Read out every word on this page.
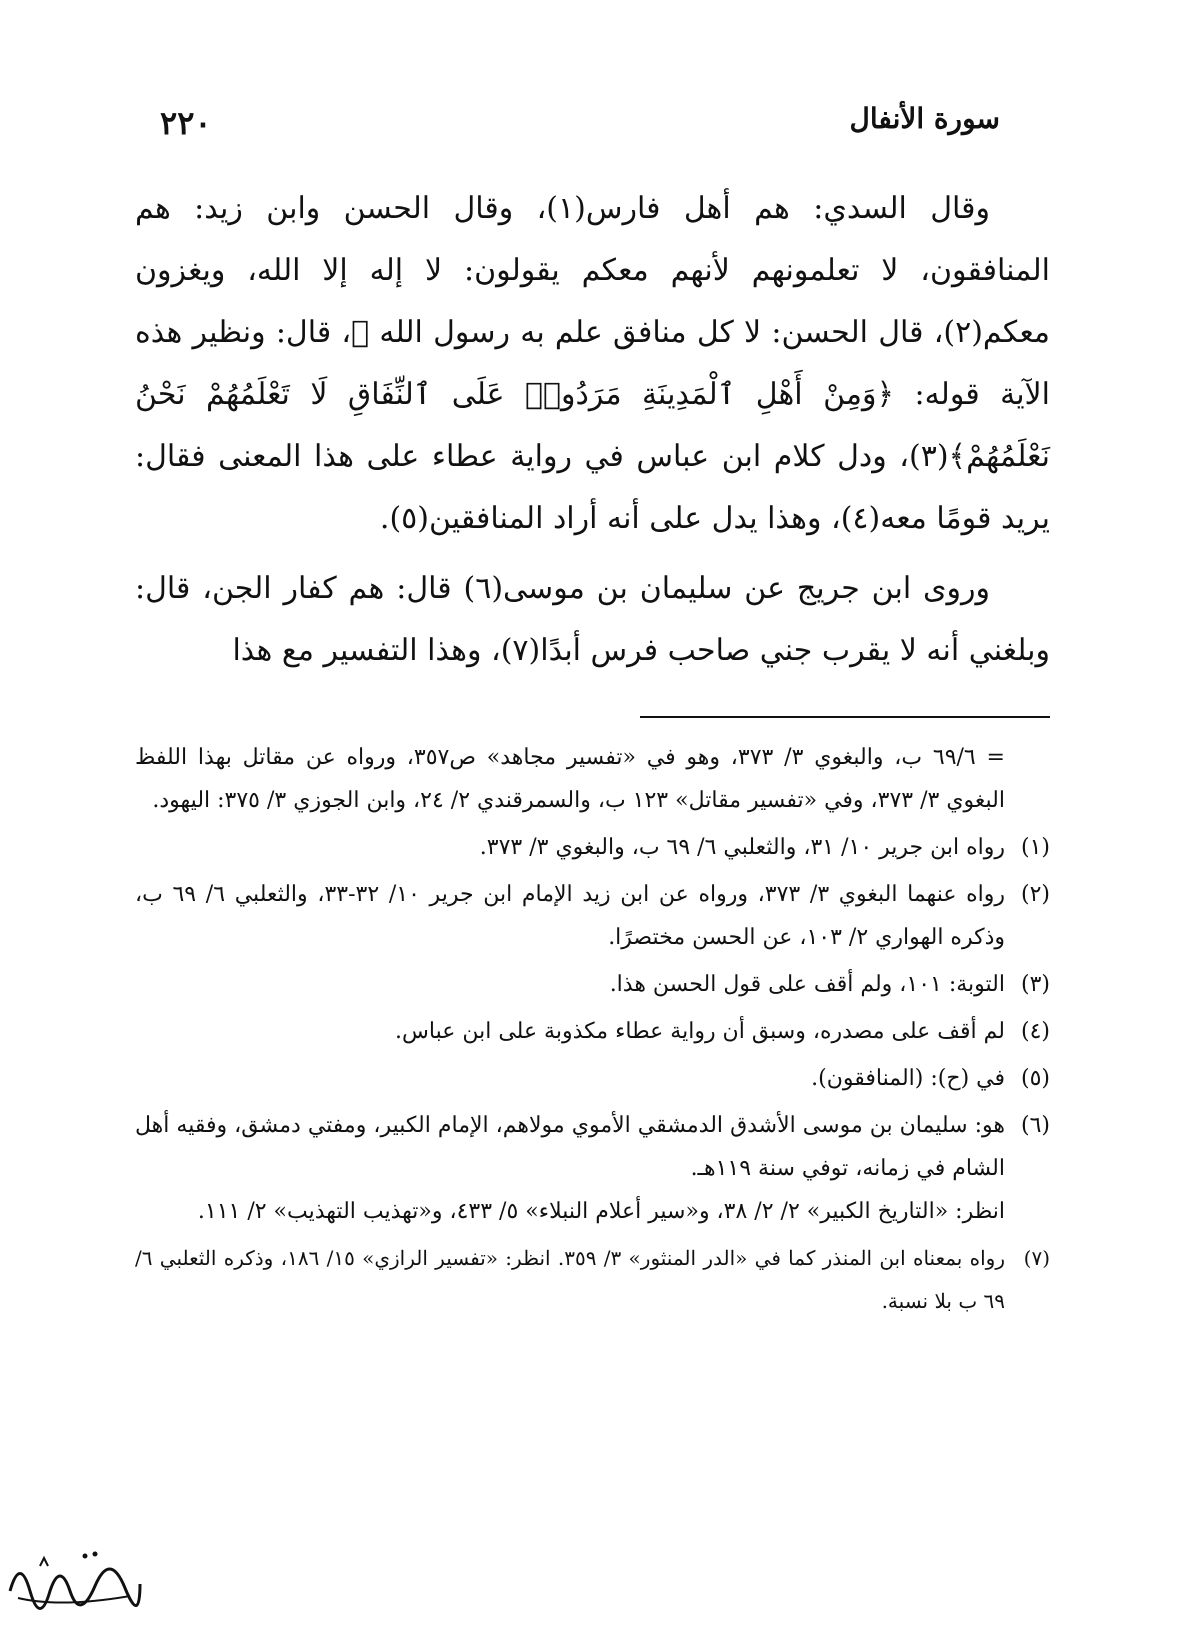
٢٢٠	سورة الأنفال

وقال السدي: هم أهل فارس(١)، وقال الحسن وابن زيد: هم المنافقون، لا تعلمونهم لأنهم معكم يقولون: لا إله إلا الله، ويغزون معكم(٢)، قال الحسن: لا كل منافق علم به رسول الله ﷺ، قال: ونظير هذه الآية قوله: ﴿وَمِنْ أَهْلِ ٱلْمَدِينَةِ مَرَدُوا۟ عَلَى ٱلنِّفَاقِ لَا تَعْلَمُهُمْ نَحْنُ نَعْلَمُهُمْ﴾(٣)، ودل كلام ابن عباس في رواية عطاء على هذا المعنى فقال: يريد قومًا معه(٤)، وهذا يدل على أنه أراد المنافقين(٥).

وروى ابن جريج عن سليمان بن موسى(٦) قال: هم كفار الجن، قال: وبلغني أنه لا يقرب جني صاحب فرس أبدًا(٧)، وهذا التفسير مع هذا

= ٦٩/٦ ب، والبغوي ٣/ ٣٧٣، وهو في «تفسير مجاهد» ص٣٥٧، ورواه عن مقاتل بهذا اللفظ البغوي ٣/ ٣٧٣، وفي «تفسير مقاتل» ١٢٣ ب، والسمرقندي ٢/ ٢٤، وابن الجوزي ٣/ ٣٧٥: اليهود.

(١)
رواه ابن جرير ١٠/ ٣١، والثعلبي ٦/ ٦٩ ب، والبغوي ٣/ ٣٧٣.
(٢)
رواه عنهما البغوي ٣/ ٣٧٣، ورواه عن ابن زيد الإمام ابن جرير ١٠/ ٣٢-٣٣، والثعلبي ٦/ ٦٩ ب، وذكره الهواري ٢/ ١٠٣، عن الحسن مختصرًا.
(٣)
التوبة: ١٠١، ولم أقف على قول الحسن هذا.
(٤)
لم أقف على مصدره، وسبق أن رواية عطاء مكذوبة على ابن عباس.
(٥)
في (ح): (المنافقون).
(٦)
هو: سليمان بن موسى الأشدق الدمشقي الأموي مولاهم، الإمام الكبير، ومفتي دمشق، وفقيه أهل الشام في زمانه، توفي سنة ١١٩هـ.

انظر: «التاريخ الكبير» ٢/ ٢/ ٣٨، و«سير أعلام النبلاء» ٥/ ٤٣٣، و«تهذيب التهذيب» ٢/ ١١١.

(٧)
رواه بمعناه ابن المنذر كما في «الدر المنثور» ٣/ ٣٥٩. انظر: «تفسير الرازي» ١٥/ ١٨٦، وذكره الثعلبي ٦/ ٦٩ ب بلا نسبة.
